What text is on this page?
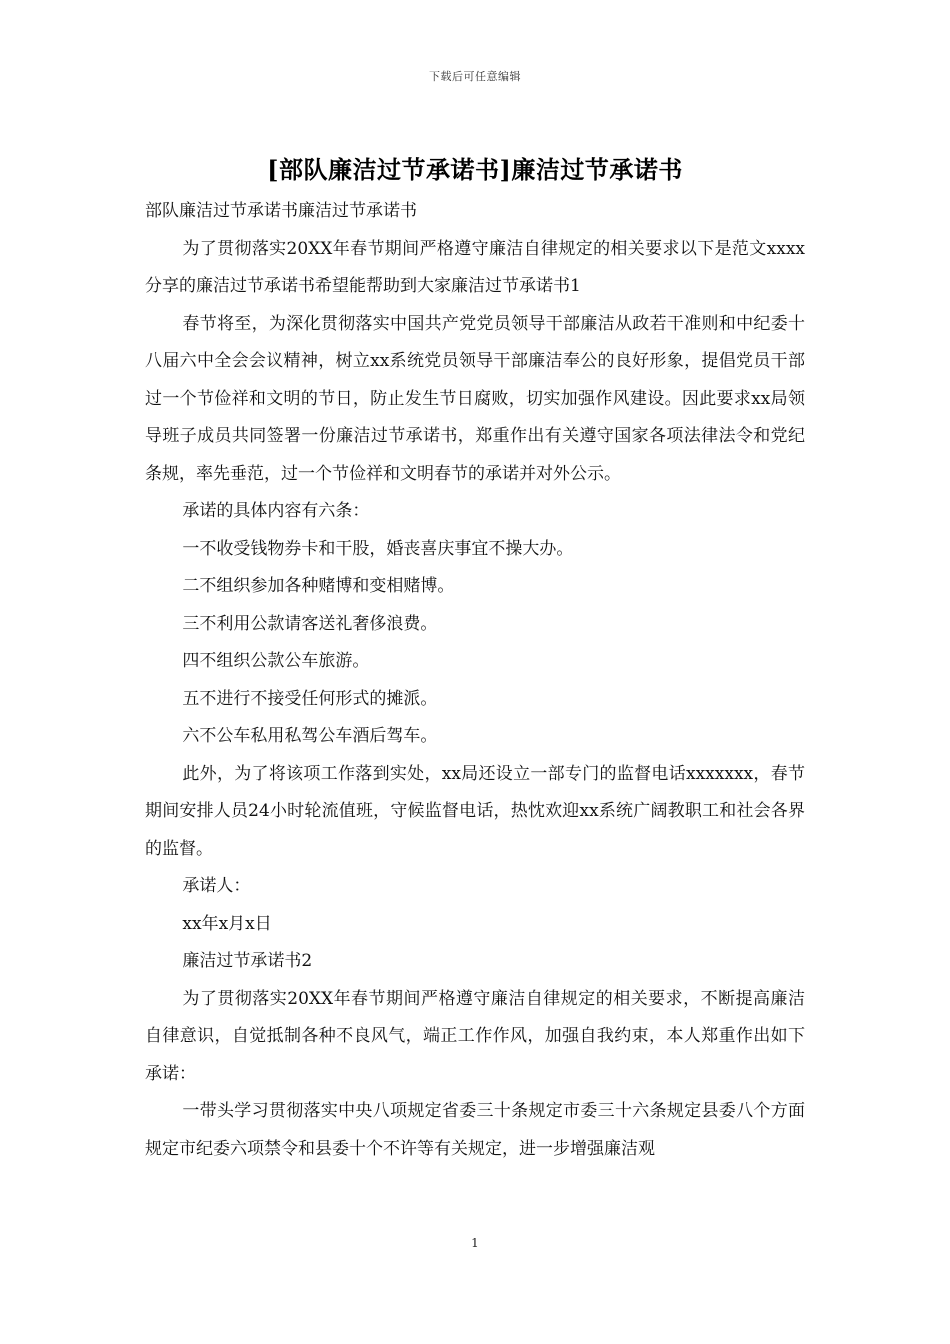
下载后可任意编辑
[部队廉洁过节承诺书]廉洁过节承诺书

部队廉洁过节承诺书廉洁过节承诺书

为了贯彻落实20XX年春节期间严格遵守廉洁自律规定的相关要求以下是范文xxxx分享的廉洁过节承诺书希望能帮助到大家廉洁过节承诺书1

春节将至，为深化贯彻落实中国共产党党员领导干部廉洁从政若干准则和中纪委十八届六中全会会议精神，树立xx系统党员领导干部廉洁奉公的良好形象，提倡党员干部过一个节俭祥和文明的节日，防止发生节日腐败，切实加强作风建设。因此要求xx局领导班子成员共同签署一份廉洁过节承诺书，郑重作出有关遵守国家各项法律法令和党纪条规，率先垂范，过一个节俭祥和文明春节的承诺并对外公示。

承诺的具体内容有六条：

一不收受钱物券卡和干股，婚丧喜庆事宜不操大办。

二不组织参加各种赌博和变相赌博。

三不利用公款请客送礼奢侈浪费。

四不组织公款公车旅游。

五不进行不接受任何形式的摊派。

六不公车私用私驾公车酒后驾车。

此外，为了将该项工作落到实处，xx局还设立一部专门的监督电话xxxxxxx，春节期间安排人员24小时轮流值班，守候监督电话，热忱欢迎xx系统广阔教职工和社会各界的监督。

承诺人：

xx年x月x日

廉洁过节承诺书2

为了贯彻落实20XX年春节期间严格遵守廉洁自律规定的相关要求，不断提高廉洁自律意识，自觉抵制各种不良风气，端正工作作风，加强自我约束，本人郑重作出如下承诺：

一带头学习贯彻落实中央八项规定省委三十条规定市委三十六条规定县委八个方面规定市纪委六项禁令和县委十个不许等有关规定，进一步增强廉洁观

1
